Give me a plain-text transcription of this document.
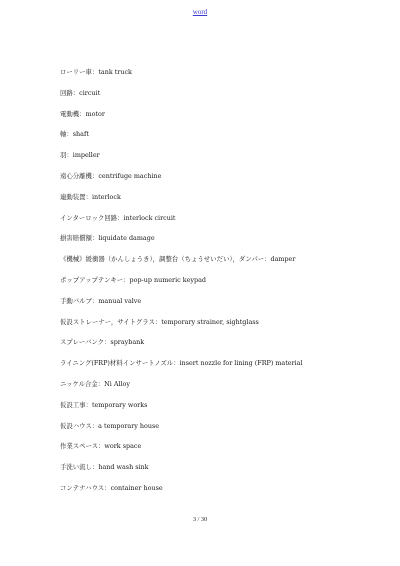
word
ローリー車：tank truck
回路：circuit
電動機：motor
軸：shaft
羽：impeller
遠心分離機：centrifuge machine
連動装置：interlock
インターロック回路：interlock circuit
損害賠償額：liquidate damage
《機械》緩衝器（かんしょうき），調整台（ちょうせいだい），ダンパー：damper
ポップアップテンキー：pop-up numeric keypad
手動バルブ：manual valve
仮設ストレーナー，サイトグラス：temporary strainer, sightglass
スプレーバンク：spraybank
ライニング(FRP)材料インサートノズル：insert nozzle for lining (FRP) material
ニッケル合金：Ni Alloy
仮設工事：temporary works
仮設ハウス：a temporary house
作業スペース：work space
手洗い流し：hand wash sink
コンテナハウス：container house
3 / 30
